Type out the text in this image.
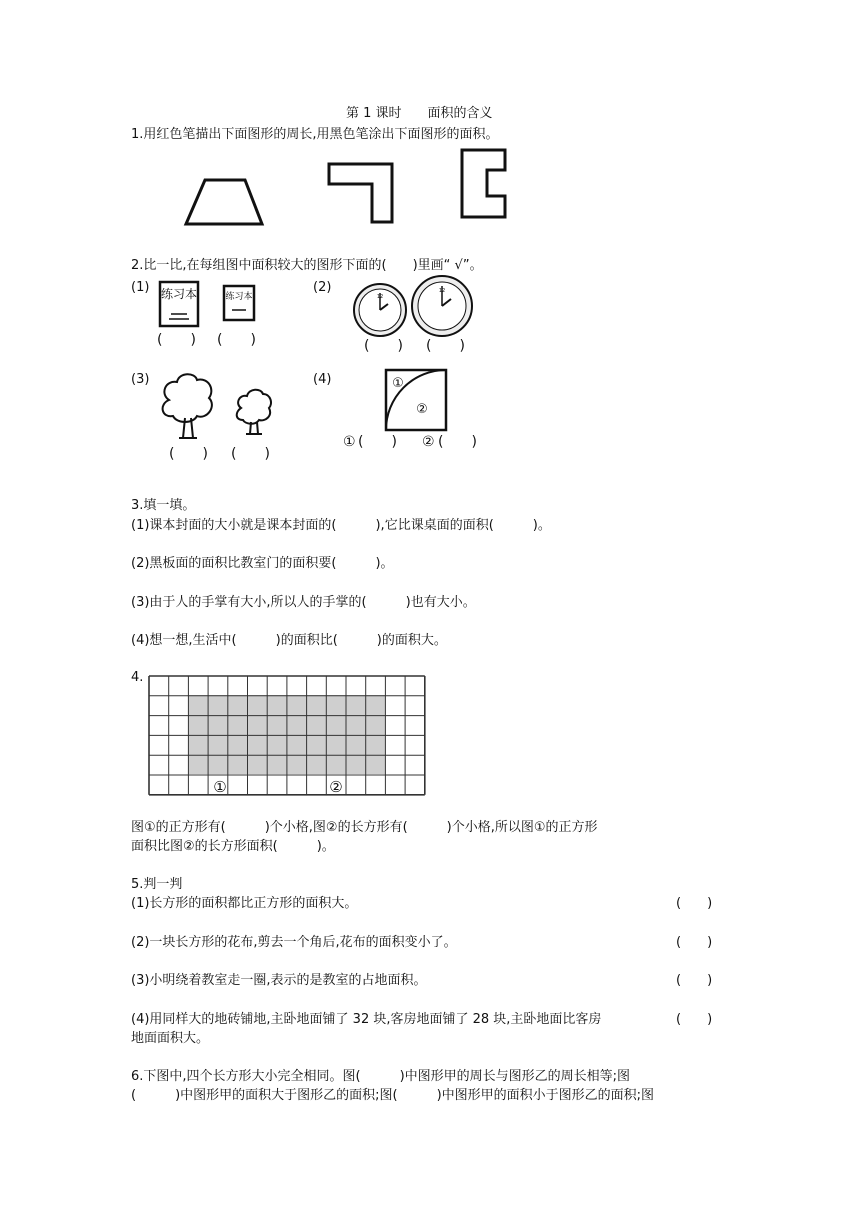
第 1 课时　　面积的含义
1.用红色笔描出下面图形的周长,用黑色笔涂出下面图形的面积。
2.比一比,在每组图中面积较大的图形下面的(　　)里画“ √”。
(1)	(2)
(3)	(4)
练习本	练习本
(　　) (　　)
12
12
(　　) (　　)
(　　) (　　)
①
②
① (　　) ② (　　)
3.填一填。
(1)课本封面的大小就是课本封面的(　　　),它比课桌面的面积(　　　)。
(2)黑板面的面积比教室门的面积要(　　　)。
(3)由于人的手掌有大小,所以人的手掌的(　　　)也有大小。
(4)想一想,生活中(　　　)的面积比(　　　)的面积大。
4.
①	②
图①的正方形有(　　　)个小格,图②的长方形有(　　　)个小格,所以图①的正方形
面积比图②的长方形面积(　　　)。
5.判一判
(1)长方形的面积都比正方形的面积大。	(　　)
(2)一块长方形的花布,剪去一个角后,花布的面积变小了。	(　　)
(3)小明绕着教室走一圈,表示的是教室的占地面积。	(　　)
(4)用同样大的地砖铺地,主卧地面铺了 32 块,客房地面铺了 28 块,主卧地面比客房
地面面积大。
(　　)
6.下图中,四个长方形大小完全相同。图(　　　)中图形甲的周长与图形乙的周长相等;图
(　　　)中图形甲的面积大于图形乙的面积;图(　　　)中图形甲的面积小于图形乙的面积;图
